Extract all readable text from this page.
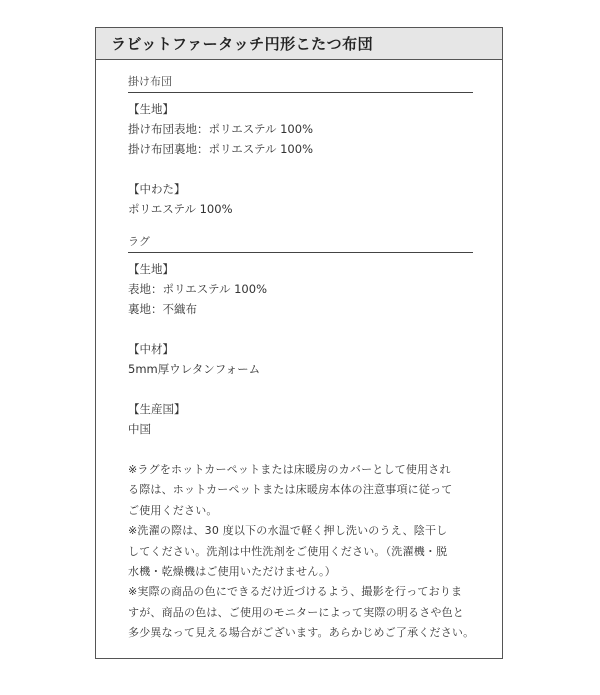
ラビットファータッチ円形こたつ布団
掛け布団
【生地】
掛け布団表地：ポリエステル 100%
掛け布団裏地：ポリエステル 100%
【中わた】
ポリエステル 100%
ラグ
【生地】
表地：ポリエステル 100%
裏地：不織布
【中材】
5mm厚ウレタンフォーム
【生産国】
中国
※ラグをホットカーペットまたは床暖房のカバーとして使用され
る際は、ホットカーペットまたは床暖房本体の注意事項に従って
ご使用ください。
※洗濯の際は、30 度以下の水温で軽く押し洗いのうえ、陰干し
してください。洗剤は中性洗剤をご使用ください。（洗濯機・脱
水機・乾燥機はご使用いただけません。）
※実際の商品の色にできるだけ近づけるよう、撮影を行っておりま
すが、商品の色は、ご使用のモニターによって実際の明るさや色と
多少異なって見える場合がございます。あらかじめご了承ください。
